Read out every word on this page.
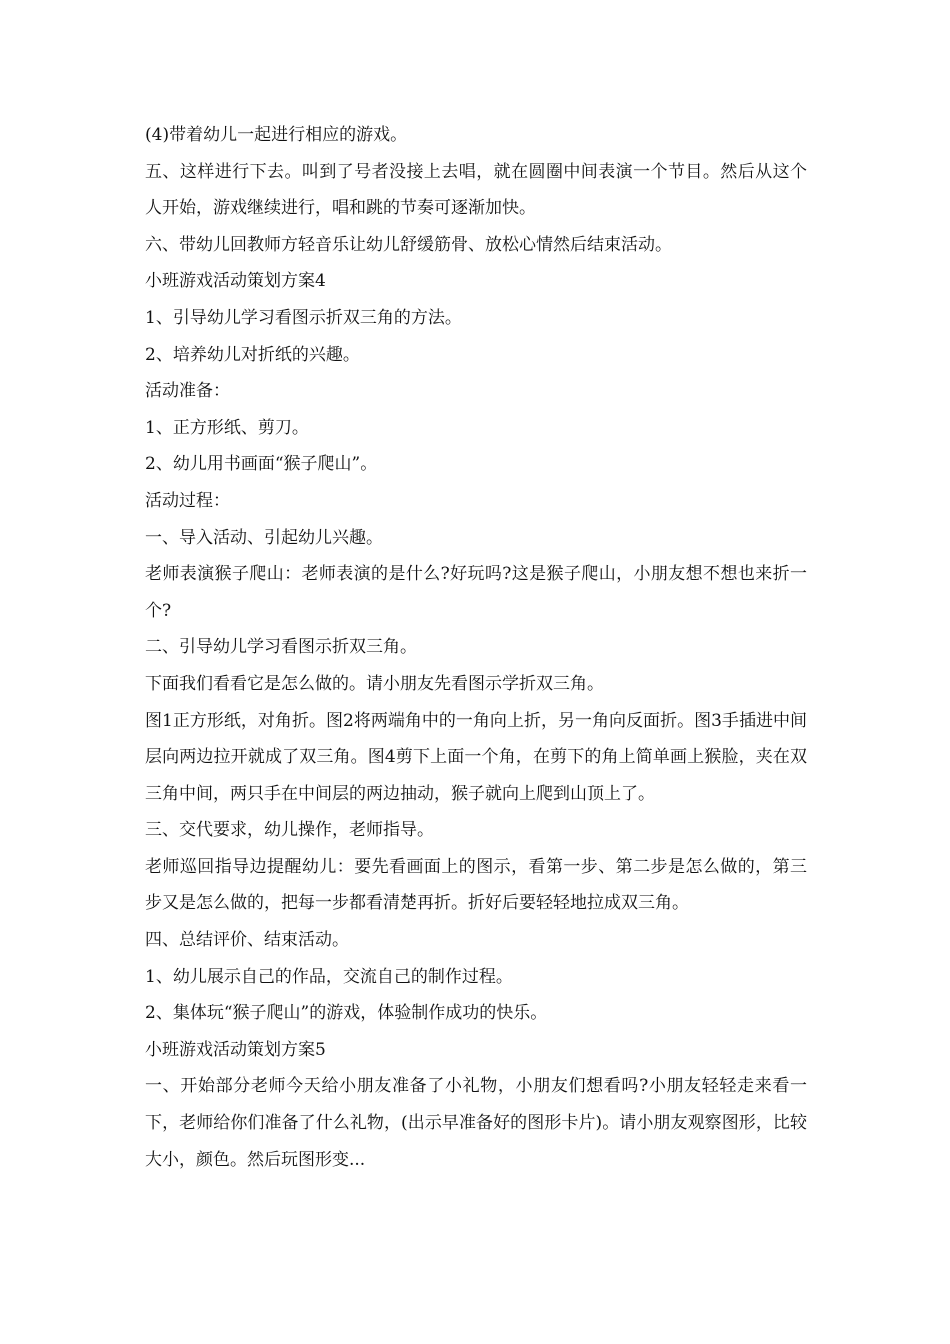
(4)带着幼儿一起进行相应的游戏。

五、这样进行下去。叫到了号者没接上去唱，就在圆圈中间表演一个节目。然后从这个人开始，游戏继续进行，唱和跳的节奏可逐渐加快。

六、带幼儿回教师方轻音乐让幼儿舒缓筋骨、放松心情然后结束活动。

小班游戏活动策划方案4

1、引导幼儿学习看图示折双三角的方法。

2、培养幼儿对折纸的兴趣。

活动准备：

1、正方形纸、剪刀。

2、幼儿用书画面“猴子爬山”。

活动过程：

一、导入活动、引起幼儿兴趣。

老师表演猴子爬山：老师表演的是什么?好玩吗?这是猴子爬山，小朋友想不想也来折一个?

二、引导幼儿学习看图示折双三角。

下面我们看看它是怎么做的。请小朋友先看图示学折双三角。

图1正方形纸，对角折。图2将两端角中的一角向上折，另一角向反面折。图3手插进中间层向两边拉开就成了双三角。图4剪下上面一个角，在剪下的角上简单画上猴脸，夹在双三角中间，两只手在中间层的两边抽动，猴子就向上爬到山顶上了。

三、交代要求，幼儿操作，老师指导。

老师巡回指导边提醒幼儿：要先看画面上的图示，看第一步、第二步是怎么做的，第三步又是怎么做的，把每一步都看清楚再折。折好后要轻轻地拉成双三角。

四、总结评价、结束活动。

1、幼儿展示自己的作品，交流自己的制作过程。

2、集体玩“猴子爬山”的游戏，体验制作成功的快乐。

小班游戏活动策划方案5

一、开始部分老师今天给小朋友准备了小礼物，小朋友们想看吗?小朋友轻轻走来看一下，老师给你们准备了什么礼物，(出示早准备好的图形卡片)。请小朋友观察图形，比较大小，颜色。然后玩图形变...
